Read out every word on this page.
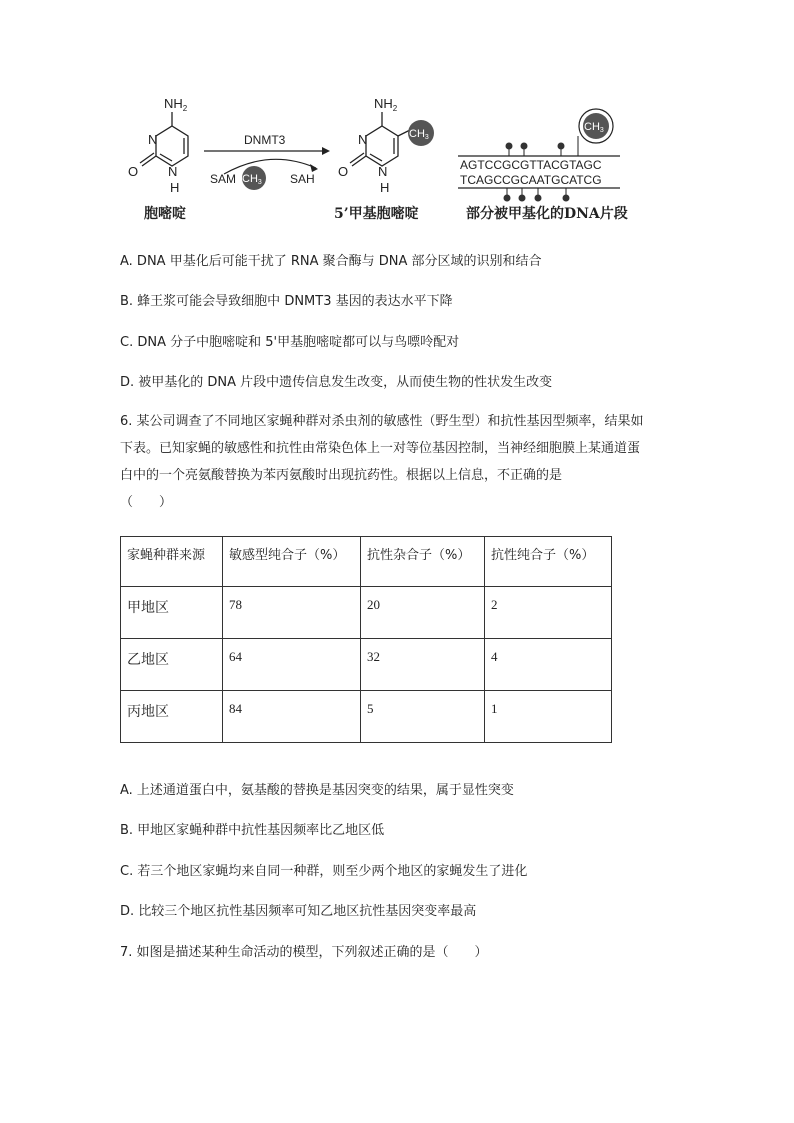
$NH_2$
N
N
H
O
胞嘧啶
DNMT3
SAM CH3 SAH
$NH_2$
CH3
N
N
H
O
5’甲基胞嘧啶
AGTCCGCGTTACGTAGC
TCAGCCGCAATGCATCG
CH3
部分被甲基化的DNA片段
A. DNA 甲基化后可能干扰了 RNA 聚合酶与 DNA 部分区域的识别和结合
B. 蜂王浆可能会导致细胞中 DNMT3 基因的表达水平下降
C. DNA 分子中胞嘧啶和 5'甲基胞嘧啶都可以与鸟嘌呤配对
D. 被甲基化的 DNA 片段中遗传信息发生改变，从而使生物的性状发生改变
6. 某公司调查了不同地区家蝇种群对杀虫剂的敏感性（野生型）和抗性基因型频率，结果如下表。已知家蝇的敏感性和抗性由常染色体上一对等位基因控制，当神经细胞膜上某通道蛋白中的一个亮氨酸替换为苯丙氨酸时出现抗药性。根据以上信息，不正确的是
（　　）
家蝇种群来源	敏感型纯合子（%）	抗性杂合子（%）	抗性纯合子（%）
甲地区	78	20	2
乙地区	64	32	4
丙地区	84	5	1
A. 上述通道蛋白中，氨基酸的替换是基因突变的结果，属于显性突变
B. 甲地区家蝇种群中抗性基因频率比乙地区低
C. 若三个地区家蝇均来自同一种群，则至少两个地区的家蝇发生了进化
D. 比较三个地区抗性基因频率可知乙地区抗性基因突变率最高
7. 如图是描述某种生命活动的模型，下列叙述正确的是（　　）
